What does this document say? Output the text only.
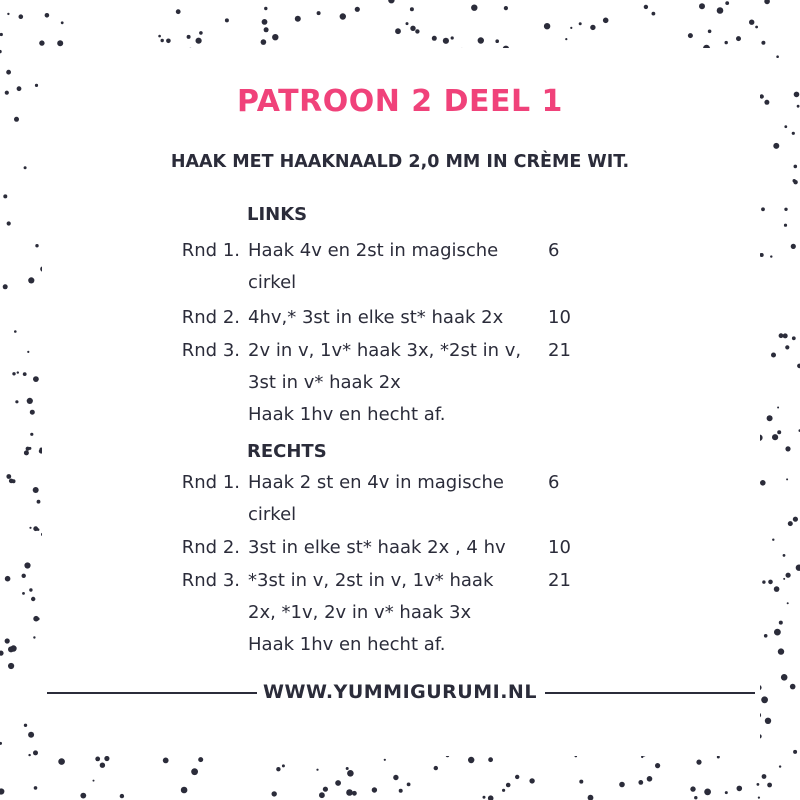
PATROON 2 DEEL 1
HAAK MET HAAKNAALD 2,0 MM IN CRÈME WIT.
LINKS
Rnd 1. Haak 4v en 2st in magische
cirkel
6
Rnd 2. 4hv,* 3st in elke st* haak 2x	10
Rnd 3. 2v in v, 1v* haak 3x, *2st in v,
3st in v* haak 2x
Haak 1hv en hecht af.
21
RECHTS
Rnd 1. Haak 2 st en 4v in magische
cirkel
6
Rnd 2. 3st in elke st* haak 2x , 4 hv	10
Rnd 3. *3st in v, 2st in v, 1v* haak
2x, *1v, 2v in v* haak 3x
Haak 1hv en hecht af.
21
WWW.YUMMIGURUMI.NL
